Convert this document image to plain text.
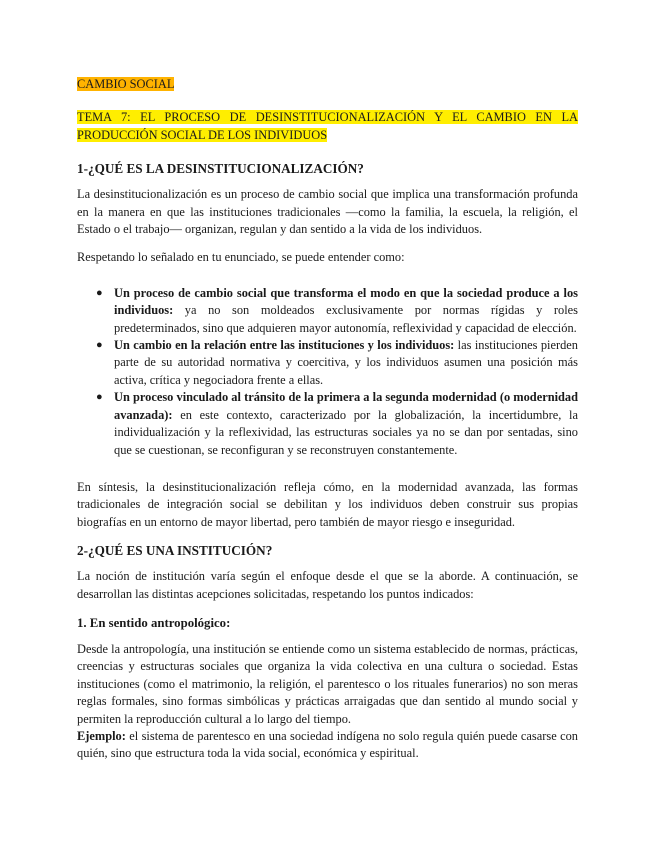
CAMBIO SOCIAL

TEMA 7: EL PROCESO DE DESINSTITUCIONALIZACIÓN Y EL CAMBIO EN LA PRODUCCIÓN SOCIAL DE LOS INDIVIDUOS

1-¿QUÉ ES LA DESINSTITUCIONALIZACIÓN?

La desinstitucionalización es un proceso de cambio social que implica una transformación profunda en la manera en que las instituciones tradicionales —como la familia, la escuela, la religión, el Estado o el trabajo— organizan, regulan y dan sentido a la vida de los individuos.

Respetando lo señalado en tu enunciado, se puede entender como:

● Un proceso de cambio social que transforma el modo en que la sociedad produce a los individuos: ya no son moldeados exclusivamente por normas rígidas y roles predeterminados, sino que adquieren mayor autonomía, reflexividad y capacidad de elección.
● Un cambio en la relación entre las instituciones y los individuos: las instituciones pierden parte de su autoridad normativa y coercitiva, y los individuos asumen una posición más activa, crítica y negociadora frente a ellas.
● Un proceso vinculado al tránsito de la primera a la segunda modernidad (o modernidad avanzada): en este contexto, caracterizado por la globalización, la incertidumbre, la individualización y la reflexividad, las estructuras sociales ya no se dan por sentadas, sino que se cuestionan, se reconfiguran y se reconstruyen constantemente.

En síntesis, la desinstitucionalización refleja cómo, en la modernidad avanzada, las formas tradicionales de integración social se debilitan y los individuos deben construir sus propias biografías en un entorno de mayor libertad, pero también de mayor riesgo e inseguridad.

2-¿QUÉ ES UNA INSTITUCIÓN?

La noción de institución varía según el enfoque desde el que se la aborde. A continuación, se desarrollan las distintas acepciones solicitadas, respetando los puntos indicados:

1. En sentido antropológico:

Desde la antropología, una institución se entiende como un sistema establecido de normas, prácticas, creencias y estructuras sociales que organiza la vida colectiva en una cultura o sociedad. Estas instituciones (como el matrimonio, la religión, el parentesco o los rituales funerarios) no son meras reglas formales, sino formas simbólicas y prácticas arraigadas que dan sentido al mundo social y permiten la reproducción cultural a lo largo del tiempo.

Ejemplo: el sistema de parentesco en una sociedad indígena no solo regula quién puede casarse con quién, sino que estructura toda la vida social, económica y espiritual.
